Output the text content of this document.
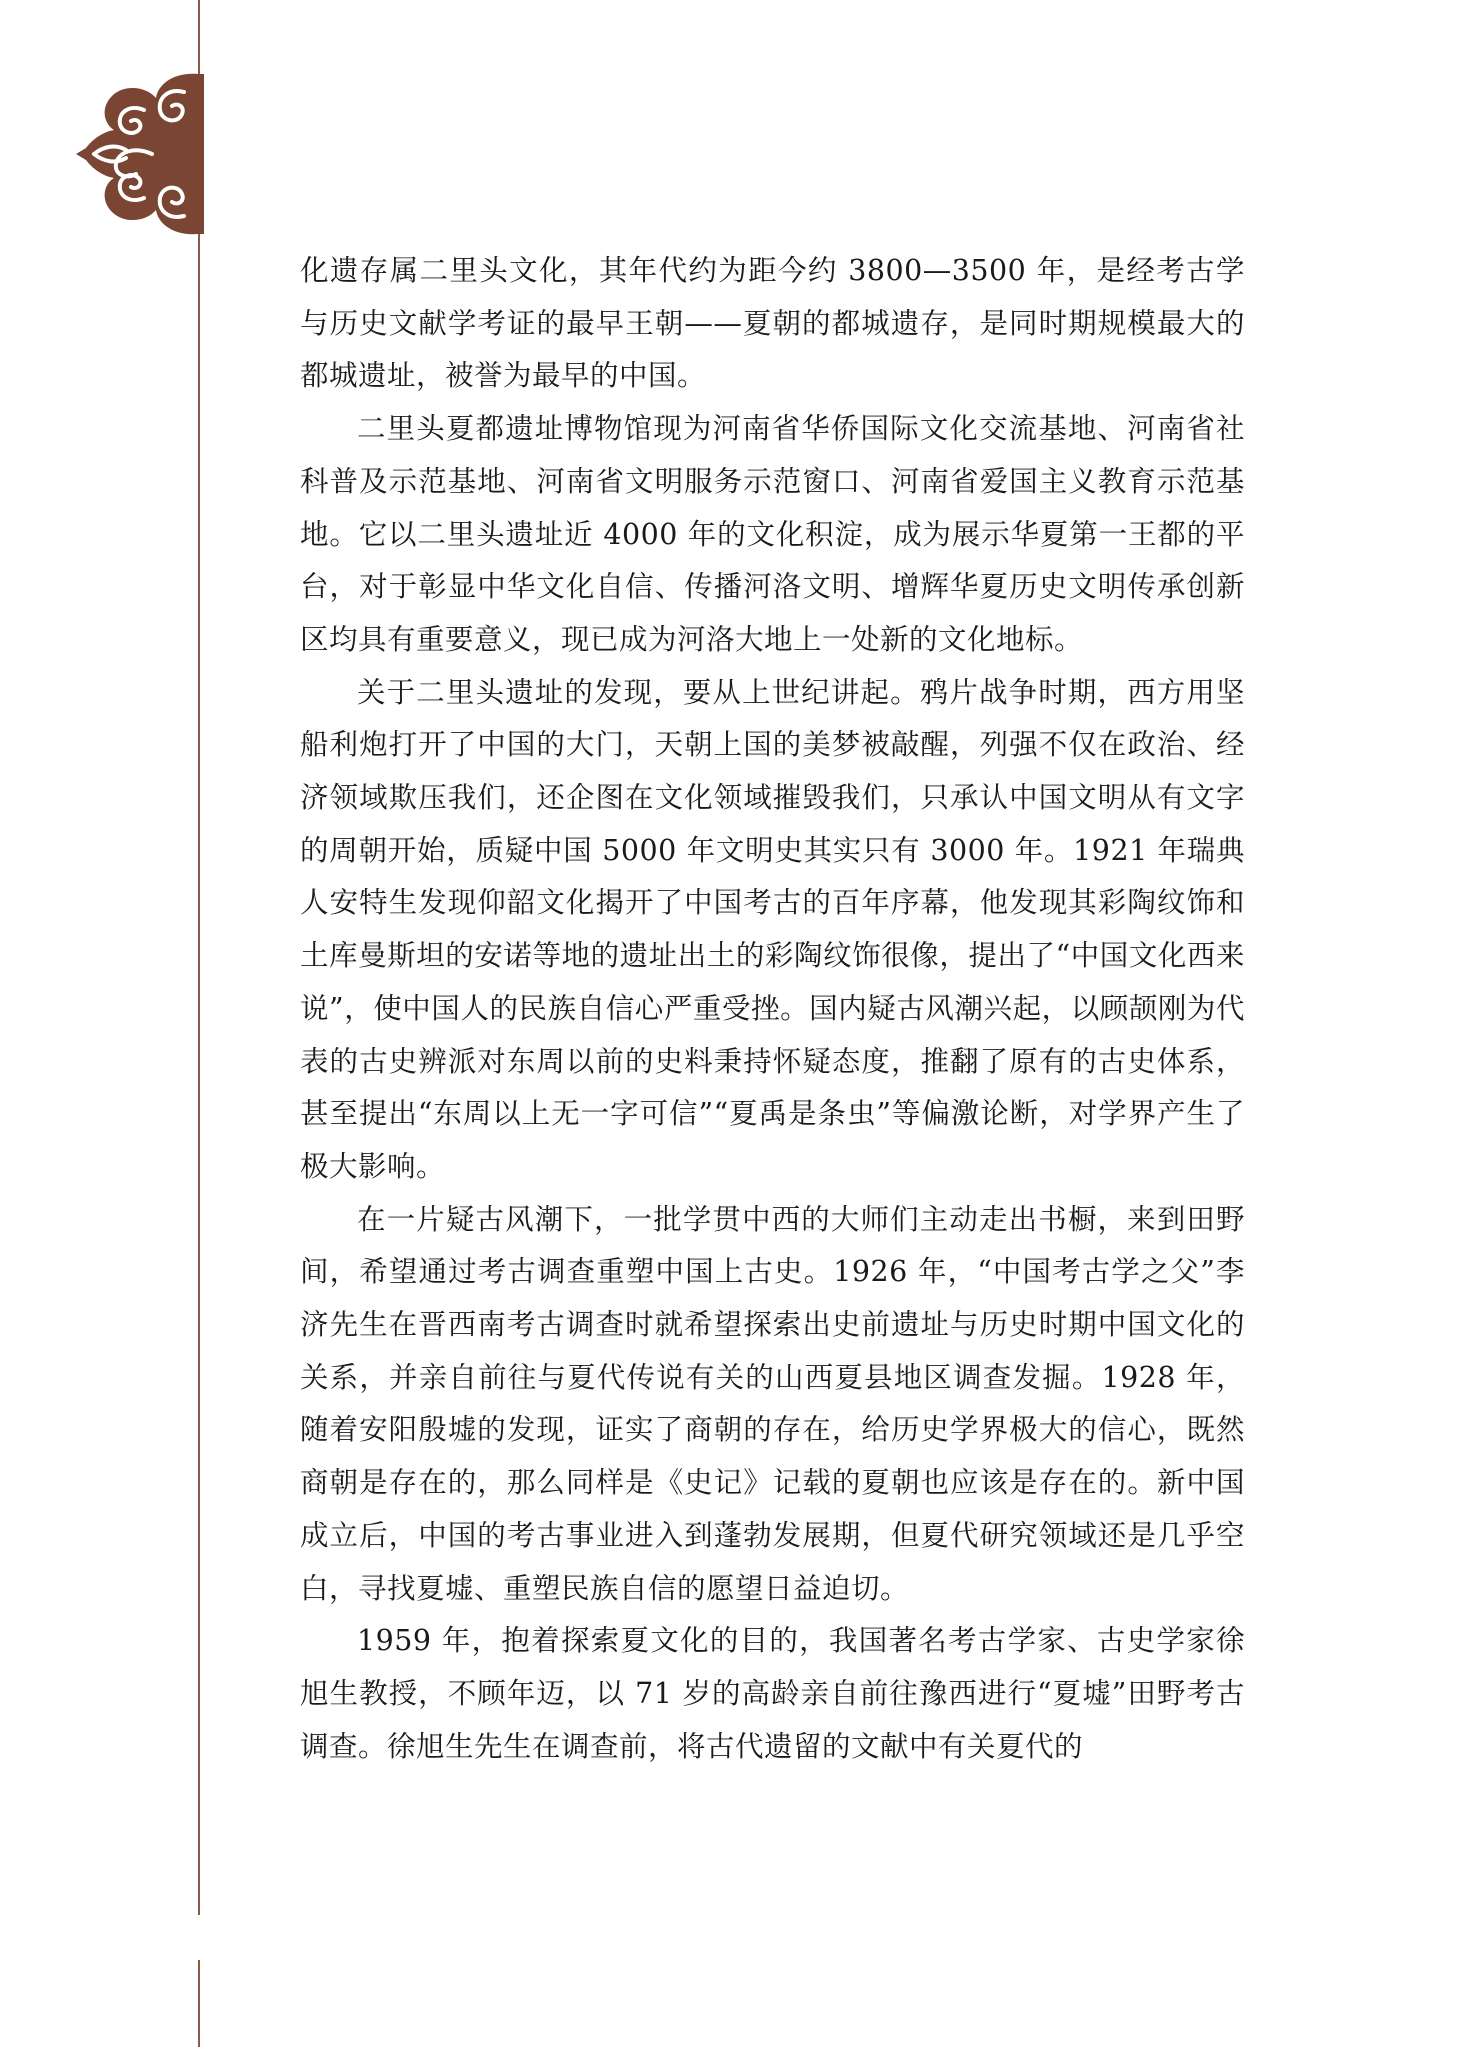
化遗存属二里头文化，其年代约为距今约 3800—3500 年，是经考古学与历史文献学考证的最早王朝——夏朝的都城遗存，是同时期规模最大的都城遗址，被誉为最早的中国。

二里头夏都遗址博物馆现为河南省华侨国际文化交流基地、河南省社科普及示范基地、河南省文明服务示范窗口、河南省爱国主义教育示范基地。它以二里头遗址近 4000 年的文化积淀，成为展示华夏第一王都的平台，对于彰显中华文化自信、传播河洛文明、增辉华夏历史文明传承创新区均具有重要意义，现已成为河洛大地上一处新的文化地标。

关于二里头遗址的发现，要从上世纪讲起。鸦片战争时期，西方用坚船利炮打开了中国的大门，天朝上国的美梦被敲醒，列强不仅在政治、经济领域欺压我们，还企图在文化领域摧毁我们，只承认中国文明从有文字的周朝开始，质疑中国 5000 年文明史其实只有 3000 年。1921 年瑞典人安特生发现仰韶文化揭开了中国考古的百年序幕，他发现其彩陶纹饰和土库曼斯坦的安诺等地的遗址出土的彩陶纹饰很像，提出了“中国文化西来说”，使中国人的民族自信心严重受挫。国内疑古风潮兴起，以顾颉刚为代表的古史辨派对东周以前的史料秉持怀疑态度，推翻了原有的古史体系，甚至提出“东周以上无一字可信”“夏禹是条虫”等偏激论断，对学界产生了极大影响。

在一片疑古风潮下，一批学贯中西的大师们主动走出书橱，来到田野间，希望通过考古调查重塑中国上古史。1926 年，“中国考古学之父”李济先生在晋西南考古调查时就希望探索出史前遗址与历史时期中国文化的关系，并亲自前往与夏代传说有关的山西夏县地区调查发掘。1928 年，随着安阳殷墟的发现，证实了商朝的存在，给历史学界极大的信心，既然商朝是存在的，那么同样是《史记》记载的夏朝也应该是存在的。新中国成立后，中国的考古事业进入到蓬勃发展期，但夏代研究领域还是几乎空白，寻找夏墟、重塑民族自信的愿望日益迫切。

1959 年，抱着探索夏文化的目的，我国著名考古学家、古史学家徐旭生教授，不顾年迈，以 71 岁的高龄亲自前往豫西进行“夏墟”田野考古调查。徐旭生先生在调查前，将古代遗留的文献中有关夏代的
